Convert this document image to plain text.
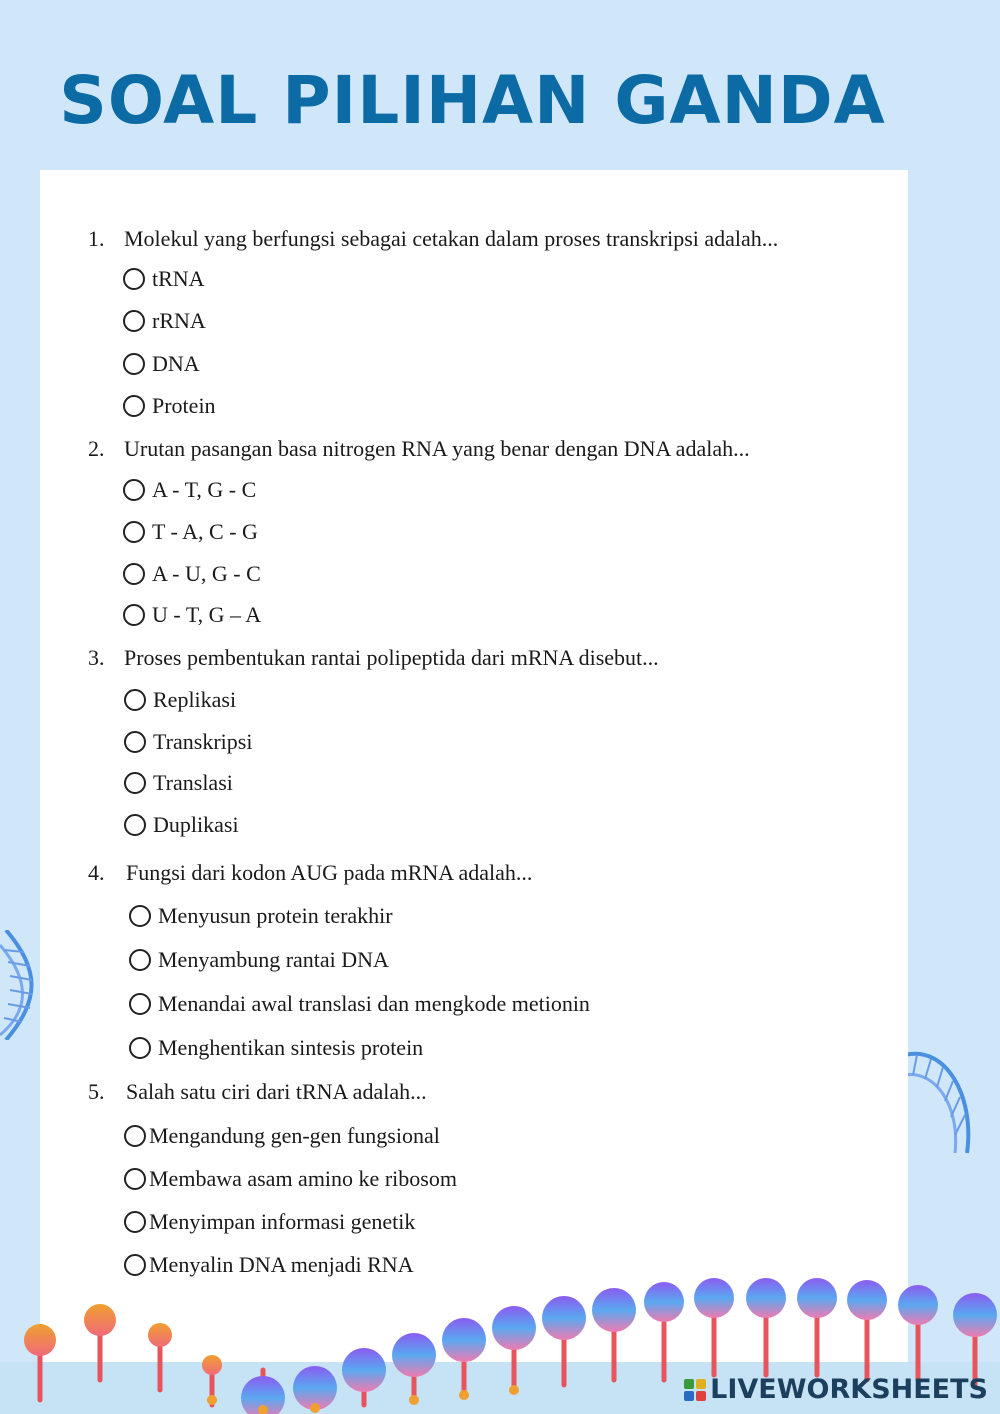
SOAL PILIHAN GANDA
1. Molekul yang berfungsi sebagai cetakan dalam proses transkripsi adalah...
tRNA
rRNA
DNA
Protein
2. Urutan pasangan basa nitrogen RNA yang benar dengan DNA adalah...
A - T, G - C
T - A, C - G
A - U, G - C
U - T, G – A
3. Proses pembentukan rantai polipeptida dari mRNA disebut...
Replikasi
Transkripsi
Translasi
Duplikasi
4. Fungsi dari kodon AUG pada mRNA adalah...
Menyusun protein terakhir
Menyambung rantai DNA
Menandai awal translasi dan mengkode metionin
Menghentikan sintesis protein
5. Salah satu ciri dari tRNA adalah...
Mengandung gen-gen fungsional
Membawa asam amino ke ribosom
Menyimpan informasi genetik
Menyalin DNA menjadi RNA
LIVEWORKSHEETS
